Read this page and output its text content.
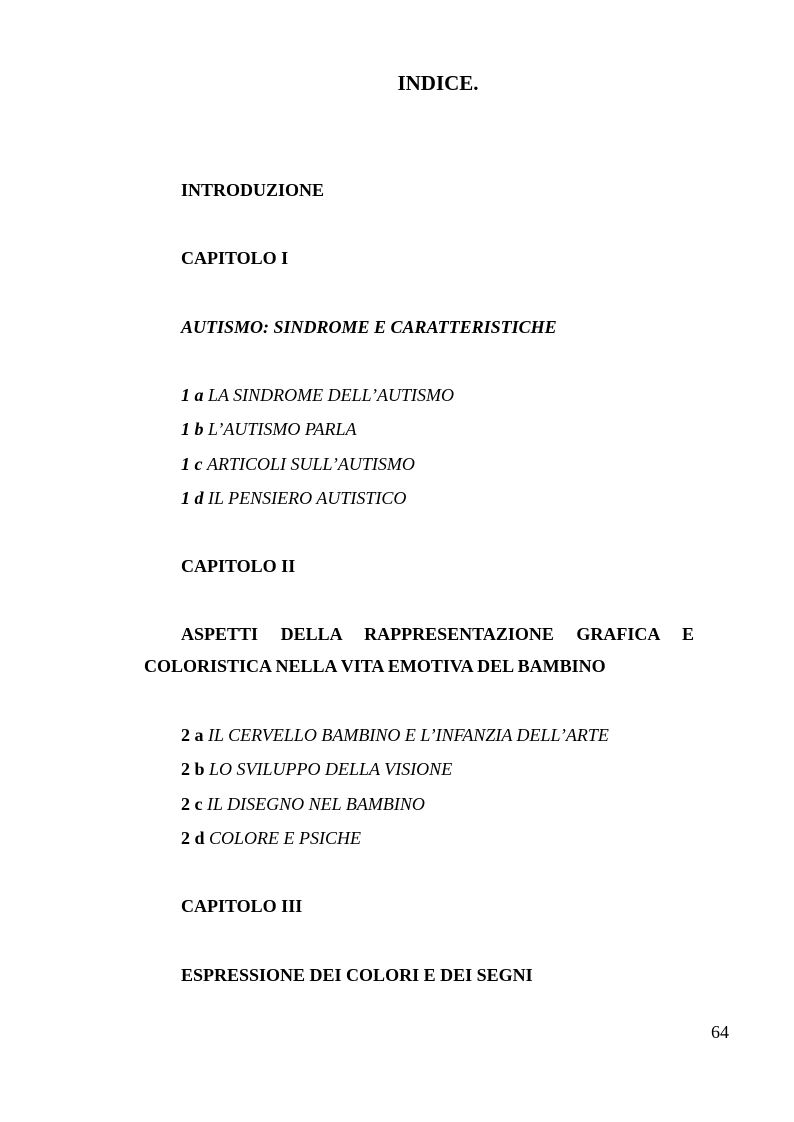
INDICE.
INTRODUZIONE
CAPITOLO I
AUTISMO: SINDROME E CARATTERISTICHE
1 a LA SINDROME DELL’AUTISMO
1 b L’AUTISMO PARLA
1 c ARTICOLI SULL’AUTISMO
1 d IL PENSIERO AUTISTICO
CAPITOLO II
ASPETTI DELLA RAPPRESENTAZIONE GRAFICA E
COLORISTICA NELLA VITA EMOTIVA DEL BAMBINO
2 a IL CERVELLO BAMBINO E L’INFANZIA DELL’ARTE
2 b LO SVILUPPO DELLA VISIONE
2 c IL DISEGNO NEL BAMBINO
2 d COLORE E PSICHE
CAPITOLO III
ESPRESSIONE DEI COLORI E DEI SEGNI
64
